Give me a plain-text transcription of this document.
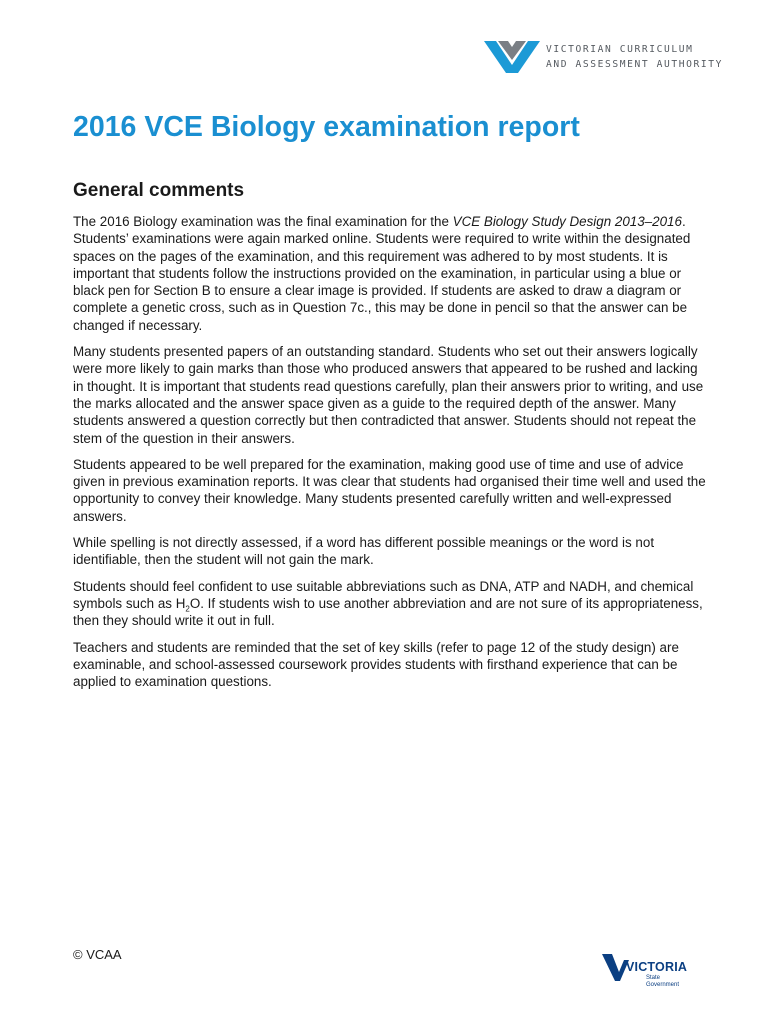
VICTORIAN CURRICULUM
AND ASSESSMENT AUTHORITY
2016 VCE Biology examination report
General comments

The 2016 Biology examination was the final examination for the VCE Biology Study Design 2013–2016. Students’ examinations were again marked online. Students were required to write within the designated spaces on the pages of the examination, and this requirement was adhered to by most students. It is important that students follow the instructions provided on the examination, in particular using a blue or black pen for Section B to ensure a clear image is provided. If students are asked to draw a diagram or complete a genetic cross, such as in Question 7c., this may be done in pencil so that the answer can be changed if necessary.

Many students presented papers of an outstanding standard. Students who set out their answers logically were more likely to gain marks than those who produced answers that appeared to be rushed and lacking in thought. It is important that students read questions carefully, plan their answers prior to writing, and use the marks allocated and the answer space given as a guide to the required depth of the answer. Many students answered a question correctly but then contradicted that answer. Students should not repeat the stem of the question in their answers.

Students appeared to be well prepared for the examination, making good use of time and use of advice given in previous examination reports. It was clear that students had organised their time well and used the opportunity to convey their knowledge. Many students presented carefully written and well-expressed answers.

While spelling is not directly assessed, if a word has different possible meanings or the word is not identifiable, then the student will not gain the mark.

Students should feel confident to use suitable abbreviations such as DNA, ATP and NADH, and chemical symbols such as $H_2O$. If students wish to use another abbreviation and are not sure of its appropriateness, then they should write it out in full.

Teachers and students are reminded that the set of key skills (refer to page 12 of the study design) are examinable, and school-assessed coursework provides students with firsthand experience that can be applied to examination questions.

© VCAA
VICTORIA
State
Government
